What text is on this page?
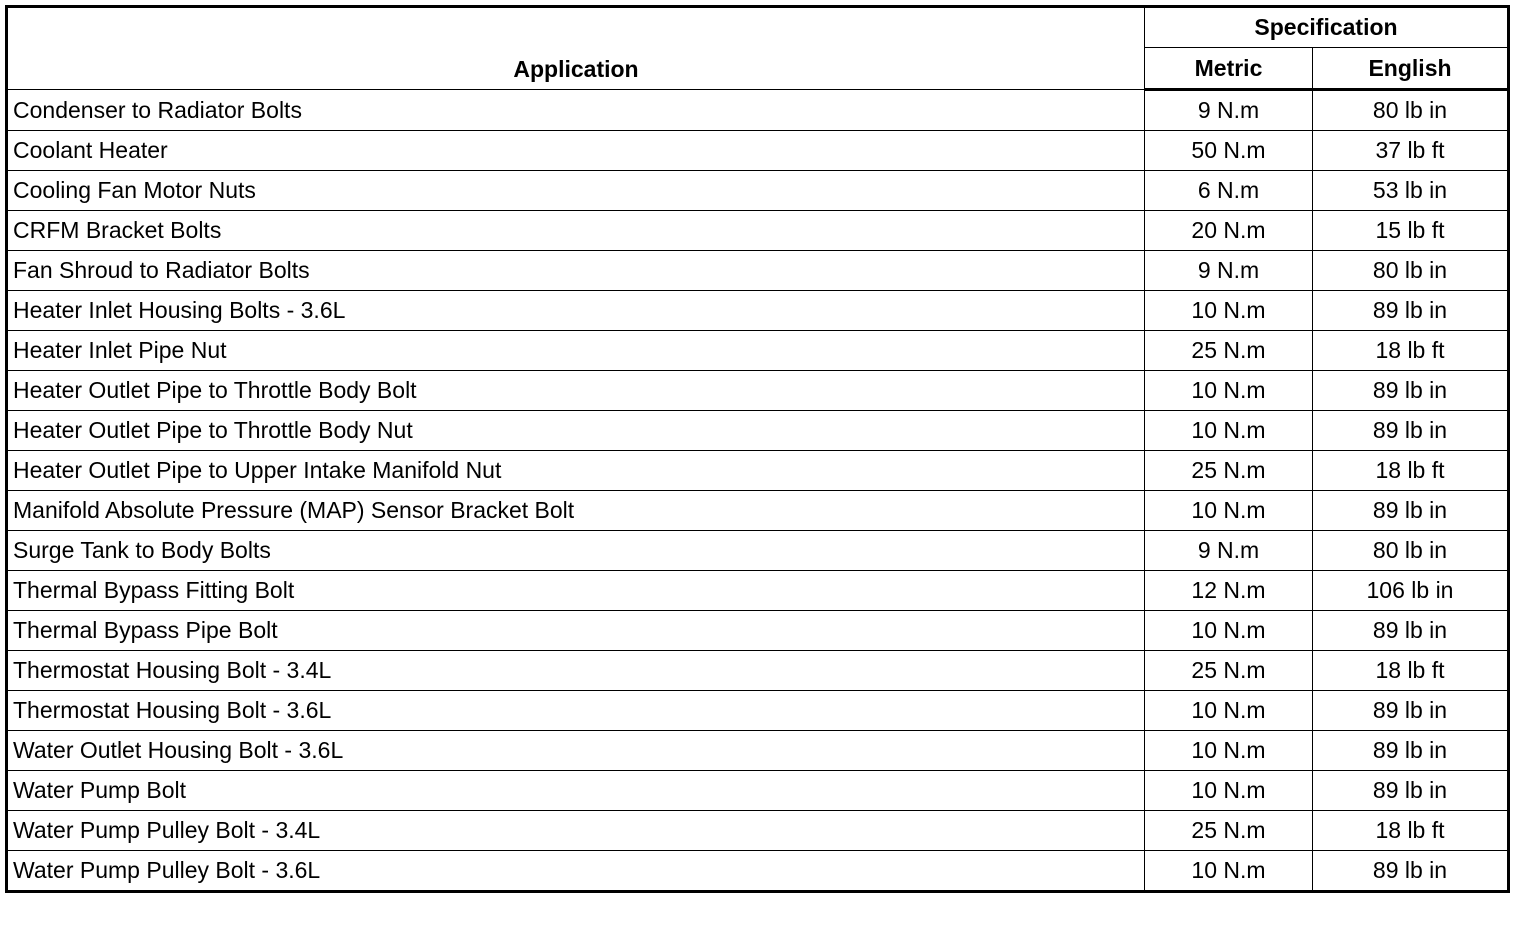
Application	Specification	
	Metric	English
Condenser to Radiator Bolts	9 N.m	80 lb in
Coolant Heater	50 N.m	37 lb ft
Cooling Fan Motor Nuts	6 N.m	53 lb in
CRFM Bracket Bolts	20 N.m	15 lb ft
Fan Shroud to Radiator Bolts	9 N.m	80 lb in
Heater Inlet Housing Bolts - 3.6L	10 N.m	89 lb in
Heater Inlet Pipe Nut	25 N.m	18 lb ft
Heater Outlet Pipe to Throttle Body Bolt	10 N.m	89 lb in
Heater Outlet Pipe to Throttle Body Nut	10 N.m	89 lb in
Heater Outlet Pipe to Upper Intake Manifold Nut	25 N.m	18 lb ft
Manifold Absolute Pressure (MAP) Sensor Bracket Bolt	10 N.m	89 lb in
Surge Tank to Body Bolts	9 N.m	80 lb in
Thermal Bypass Fitting Bolt	12 N.m	106 lb in
Thermal Bypass Pipe Bolt	10 N.m	89 lb in
Thermostat Housing Bolt - 3.4L	25 N.m	18 lb ft
Thermostat Housing Bolt - 3.6L	10 N.m	89 lb in
Water Outlet Housing Bolt - 3.6L	10 N.m	89 lb in
Water Pump Bolt	10 N.m	89 lb in
Water Pump Pulley Bolt - 3.4L	25 N.m	18 lb ft
Water Pump Pulley Bolt - 3.6L	10 N.m	89 lb in
